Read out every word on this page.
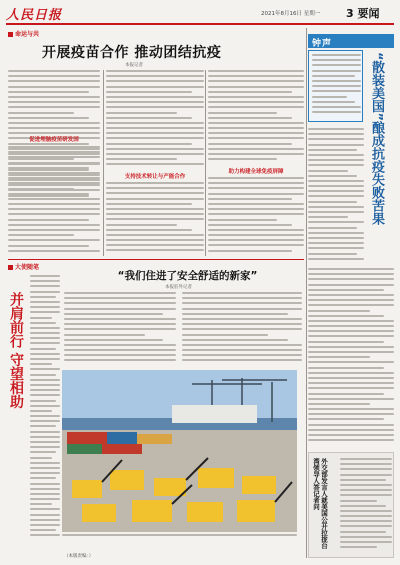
人民日报	2021年8月16日 星期一 3 要闻
命运与共
开展疫苗合作 推动团结抗疫
本报记者
促进埋脑疫苗研发国
支持技术转让与产能合作
助力构建全球免疫屏障
钟声
“散装美国”酿成抗疫失败苦果
大使随笔
并肩前行 守望相助
“我们住进了安全舒适的新家”
本报驻外记者
外交部发言人就美国公开拉拢台湾领导人答记者问
（本版责编：）
